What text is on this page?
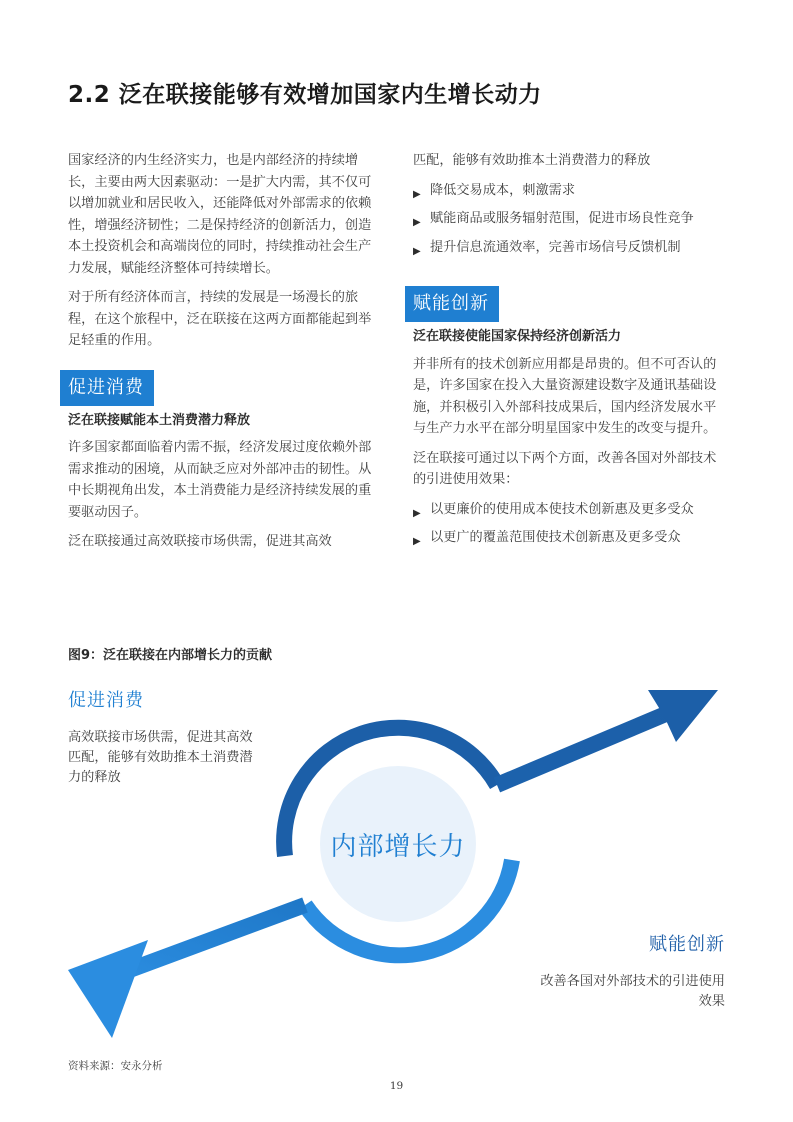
2.2 泛在联接能够有效增加国家内生增长动力

国家经济的内生经济实力，也是内部经济的持续增长，主要由两大因素驱动：一是扩大内需，其不仅可以增加就业和居民收入，还能降低对外部需求的依赖性，增强经济韧性；二是保持经济的创新活力，创造本土投资机会和高端岗位的同时，持续推动社会生产力发展，赋能经济整体可持续增长。

对于所有经济体而言，持续的发展是一场漫长的旅程，在这个旅程中，泛在联接在这两方面都能起到举足轻重的作用。

促进消费

泛在联接赋能本土消费潜力释放

许多国家都面临着内需不振，经济发展过度依赖外部需求推动的困境，从而缺乏应对外部冲击的韧性。从中长期视角出发，本土消费能力是经济持续发展的重要驱动因子。

泛在联接通过高效联接市场供需，促进其高效

匹配，能够有效助推本土消费潜力的释放

▶ 降低交易成本，刺激需求
▶ 赋能商品或服务辐射范围，促进市场良性竞争
▶ 提升信息流通效率，完善市场信号反馈机制
赋能创新

泛在联接使能国家保持经济创新活力

并非所有的技术创新应用都是昂贵的。但不可否认的是，许多国家在投入大量资源建设数字及通讯基础设施，并积极引入外部科技成果后，国内经济发展水平与生产力水平在部分明星国家中发生的改变与提升。

泛在联接可通过以下两个方面，改善各国对外部技术的引进使用效果：

▶ 以更廉价的使用成本使技术创新惠及更多受众
▶ 以更广的覆盖范围使技术创新惠及更多受众
图9：泛在联接在内部增长力的贡献
促进消费
高效联接市场供需，促进其高效匹配，能够有效助推本土消费潜力的释放
内部增长力
赋能创新
改善各国对外部技术的引进使用效果
资料来源：安永分析
19
